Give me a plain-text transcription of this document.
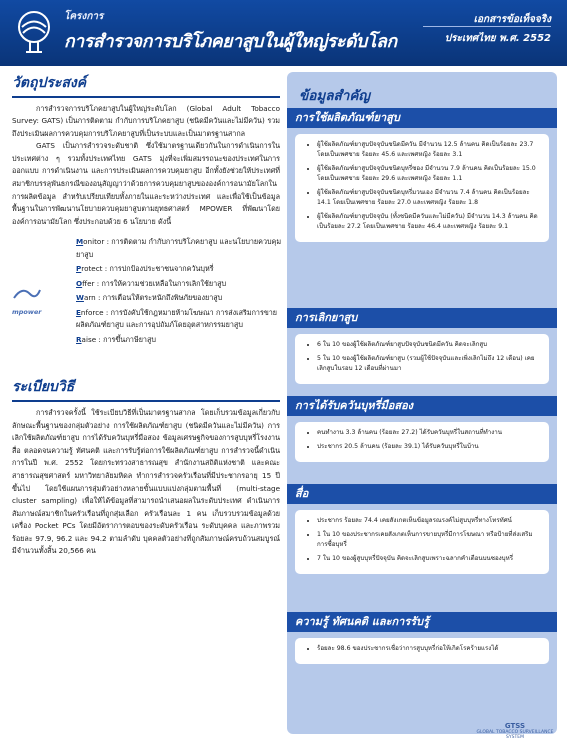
โครงการ
การสำรวจการบริโภคยาสูบในผู้ใหญ่ระดับโลก
เอกสารข้อเท็จจริง
ประเทศไทย พ.ศ. 2552
วัตถุประสงค์

การสำรวจการบริโภคยาสูบในผู้ใหญ่ระดับโลก (Global Adult Tobacco Survey: GATS) เป็นการติดตาม กำกับการบริโภคยาสูบ (ชนิดมีควันและไม่มีควัน) รวมถึงประเมินผลการควบคุมการบริโภคยาสูบที่เป็นระบบและเป็นมาตรฐานสากล

GATS เป็นการสำรวจระดับชาติ ซึ่งใช้มาตรฐานเดียวกันในการดำเนินการในประเทศต่าง ๆ รวมทั้งประเทศไทย GATS มุ่งที่จะเพิ่มสมรรถนะของประเทศในการออกแบบ การดำเนินงาน และการประเมินผลการควบคุมยาสูบ อีกทั้งยังช่วยให้ประเทศที่สมาชิกบรรลุพันธกรณีของอนุสัญญาว่าด้วยการควบคุมยาสูบขององค์การอนามัยโลกในการผลิตข้อมูล สำหรับเปรียบเทียบทั้งภายในและระหว่างประเทศ และเพื่อใช้เป็นข้อมูลพื้นฐานในการพัฒนานโยบายควบคุมยาสูบตามยุทธศาสตร์ MPOWER ที่พัฒนาโดยองค์การอนามัยโลก ซึ่งประกอบด้วย 6 นโยบาย ดังนี้

mpower
Monitor : การติดตาม กำกับการบริโภคยาสูบ และนโยบายควบคุมยาสูบ
Protect : การปกป้องประชาชนจากควันบุหรี่
Offer : การให้ความช่วยเหลือในการเลิกใช้ยาสูบ
Warn : การเตือนให้ตระหนักถึงพิษภัยของยาสูบ
Enforce : การบังคับใช้กฎหมายห้ามโฆษณา การส่งเสริมการขายผลิตภัณฑ์ยาสูบ และการอุปถัมภ์โดยอุตสาหกรรมยาสูบ
Raise : การขึ้นภาษียาสูบ
ระเบียบวิธี

การสำรวจครั้งนี้ ใช้ระเบียบวิธีที่เป็นมาตรฐานสากล โดยเก็บรวมข้อมูลเกี่ยวกับลักษณะพื้นฐานของกลุ่มตัวอย่าง การใช้ผลิตภัณฑ์ยาสูบ (ชนิดมีควันและไม่มีควัน) การเลิกใช้ผลิตภัณฑ์ยาสูบ การได้รับควันบุหรี่มือสอง ข้อมูลเศรษฐกิจของการสูบบุหรี่โรงงาน สื่อ ตลอดจนความรู้ ทัศนคติ และการรับรู้ต่อการใช้ผลิตภัณฑ์ยาสูบ การสำรวจนี้ดำเนินการในปี พ.ศ. 2552 โดยกระทรวงสาธารณสุข สำนักงานสถิติแห่งชาติ และคณะสาธารณสุขศาสตร์ มหาวิทยาลัยมหิดล ทำการสำรวจครัวเรือนที่มีประชากรอายุ 15 ปีขึ้นไป โดยใช้แผนการสุ่มตัวอย่างหลายขั้นแบบแบ่งกลุ่มตามพื้นที่ (multi-stage cluster sampling) เพื่อให้ได้ข้อมูลที่สามารถนำเสนอผลในระดับประเทศ ดำเนินการสัมภาษณ์สมาชิกในครัวเรือนที่ถูกสุ่มเลือก ครัวเรือนละ 1 คน เก็บรวบรวมข้อมูลด้วยเครื่อง Pocket PCs โดยมีอัตราการตอบของระดับครัวเรือน ระดับบุคคล และภาพรวม ร้อยละ 97.9, 96.2 และ 94.2 ตามลำดับ บุคคลตัวอย่างที่ถูกสัมภาษณ์ครบถ้วนสมบูรณ์มีจำนวนทั้งสิ้น 20,566 คน

ข้อมูลสำคัญ
การใช้ผลิตภัณฑ์ยาสูบ
• ผู้ใช้ผลิตภัณฑ์ยาสูบปัจจุบันชนิดมีควัน มีจำนวน 12.5 ล้านคน คิดเป็นร้อยละ 23.7 โดยเป็นเพศชาย ร้อยละ 45.6 และเพศหญิง ร้อยละ 3.1
• ผู้ใช้ผลิตภัณฑ์ยาสูบปัจจุบันชนิดบุหรี่ซอง มีจำนวน 7.9 ล้านคน คิดเป็นร้อยละ 15.0 โดยเป็นเพศชาย ร้อยละ 29.6 และเพศหญิง ร้อยละ 1.1
• ผู้ใช้ผลิตภัณฑ์ยาสูบปัจจุบันชนิดบุหรี่มวนเอง มีจำนวน 7.4 ล้านคน คิดเป็นร้อยละ 14.1 โดยเป็นเพศชาย ร้อยละ 27.0 และเพศหญิง ร้อยละ 1.8
• ผู้ใช้ผลิตภัณฑ์ยาสูบปัจจุบัน (ทั้งชนิดมีควันและไม่มีควัน) มีจำนวน 14.3 ล้านคน คิดเป็นร้อยละ 27.2 โดยเป็นเพศชาย ร้อยละ 46.4 และเพศหญิง ร้อยละ 9.1
การเลิกยาสูบ
• 6 ใน 10 ของผู้ใช้ผลิตภัณฑ์ยาสูบปัจจุบันชนิดมีควัน คิดจะเลิกสูบ
• 5 ใน 10 ของผู้ใช้ผลิตภัณฑ์ยาสูบ (รวมผู้ใช้ปัจจุบันและเพิ่งเลิกไม่ถึง 12 เดือน) เคยเลิกสูบในรอบ 12 เดือนที่ผ่านมา
การได้รับควันบุหรี่มือสอง
• คนทำงาน 3.3 ล้านคน (ร้อยละ 27.2) ได้รับควันบุหรี่ในสถานที่ทำงาน
• ประชากร 20.5 ล้านคน (ร้อยละ 39.1) ได้รับควันบุหรี่ในบ้าน
สื่อ
• ประชากร ร้อยละ 74.4 เคยสังเกตเห็นข้อมูลรณรงค์ไม่สูบบุหรี่ทางโทรทัศน์
• 1 ใน 10 ของประชากรเคยสังเกตเห็นการขายบุหรี่มีการโฆษณา หรือป้ายที่ส่งเสริม การซื้อบุหรี่
• 7 ใน 10 ของผู้สูบบุหรี่ปัจจุบัน คิดจะเลิกสูบเพราะฉลากคำเตือนบนซองบุหรี่
ความรู้ ทัศนคติ และการรับรู้
• ร้อยละ 98.6 ของประชากรเชื่อว่าการสูบบุหรี่ก่อให้เกิดโรคร้ายแรงได้
GTSS
GLOBAL TOBACCO SURVEILLANCE SYSTEM
